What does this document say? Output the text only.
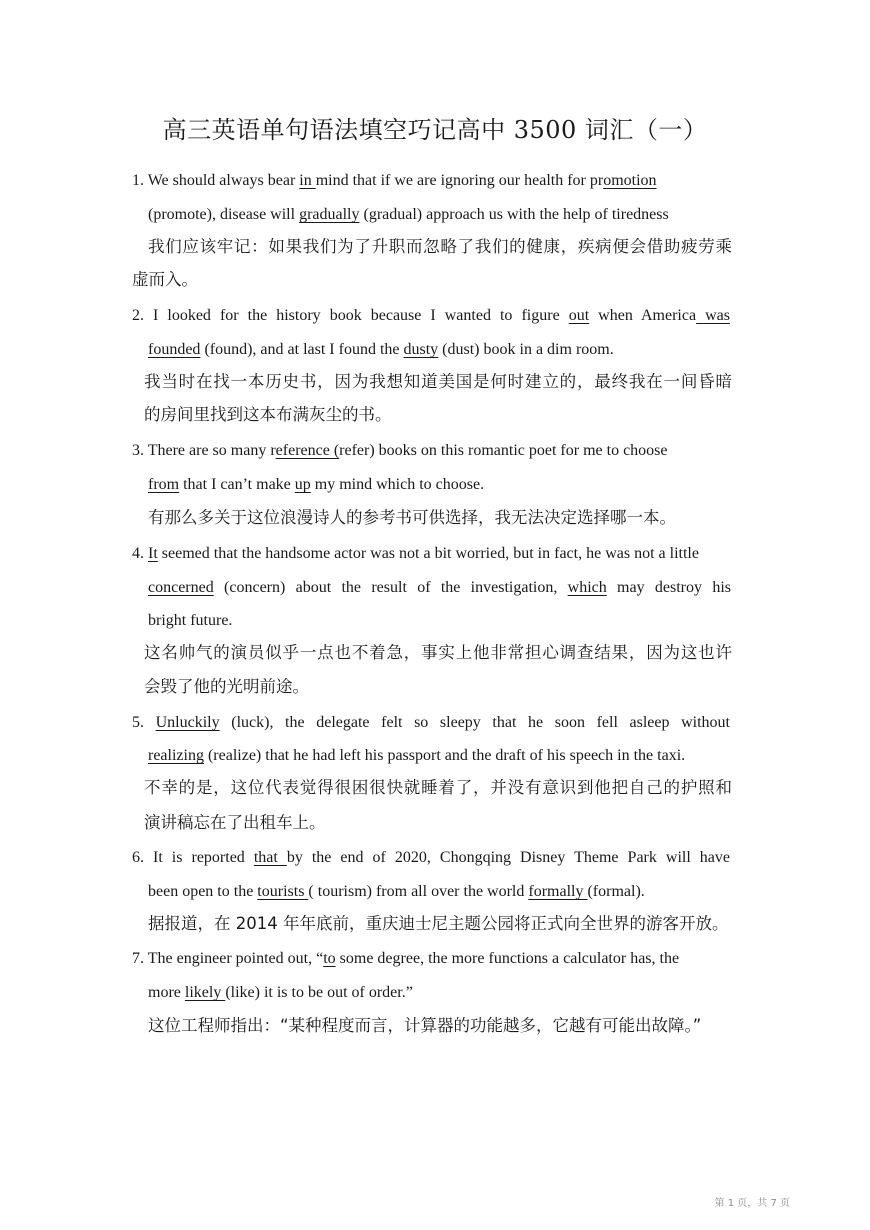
高三英语单句语法填空巧记高中 3500 词汇（一）
1. We should always bear in mind that if we are ignoring our health for promotion
(promote), disease will gradually (gradual) approach us with the help of tiredness
我们应该牢记：如果我们为了升职而忽略了我们的健康，疾病便会借助疲劳乘
虚而入。
2. I looked for the history book because I wanted to figure out when America was
founded (found), and at last I found the dusty (dust) book in a dim room.
我当时在找一本历史书，因为我想知道美国是何时建立的，最终我在一间昏暗
的房间里找到这本布满灰尘的书。
3. There are so many reference (refer) books on this romantic poet for me to choose
from that I can’t make up my mind which to choose.
有那么多关于这位浪漫诗人的参考书可供选择，我无法决定选择哪一本。
4. It seemed that the handsome actor was not a bit worried, but in fact, he was not a little
concerned (concern) about the result of the investigation, which may destroy his
bright future.
这名帅气的演员似乎一点也不着急，事实上他非常担心调查结果，因为这也许
会毁了他的光明前途。
5. Unluckily (luck), the delegate felt so sleepy that he soon fell asleep without
realizing (realize) that he had left his passport and the draft of his speech in the taxi.
不幸的是，这位代表觉得很困很快就睡着了，并没有意识到他把自己的护照和
演讲稿忘在了出租车上。
6. It is reported that by the end of 2020, Chongqing Disney Theme Park will have
been open to the tourists ( tourism) from all over the world formally (formal).
据报道，在 2014 年年底前，重庆迪士尼主题公园将正式向全世界的游客开放。
7. The engineer pointed out, “to some degree, the more functions a calculator has, the
more likely (like) it is to be out of order.”
这位工程师指出：“某种程度而言，计算器的功能越多，它越有可能出故障。”
第 1 页，共 7 页
